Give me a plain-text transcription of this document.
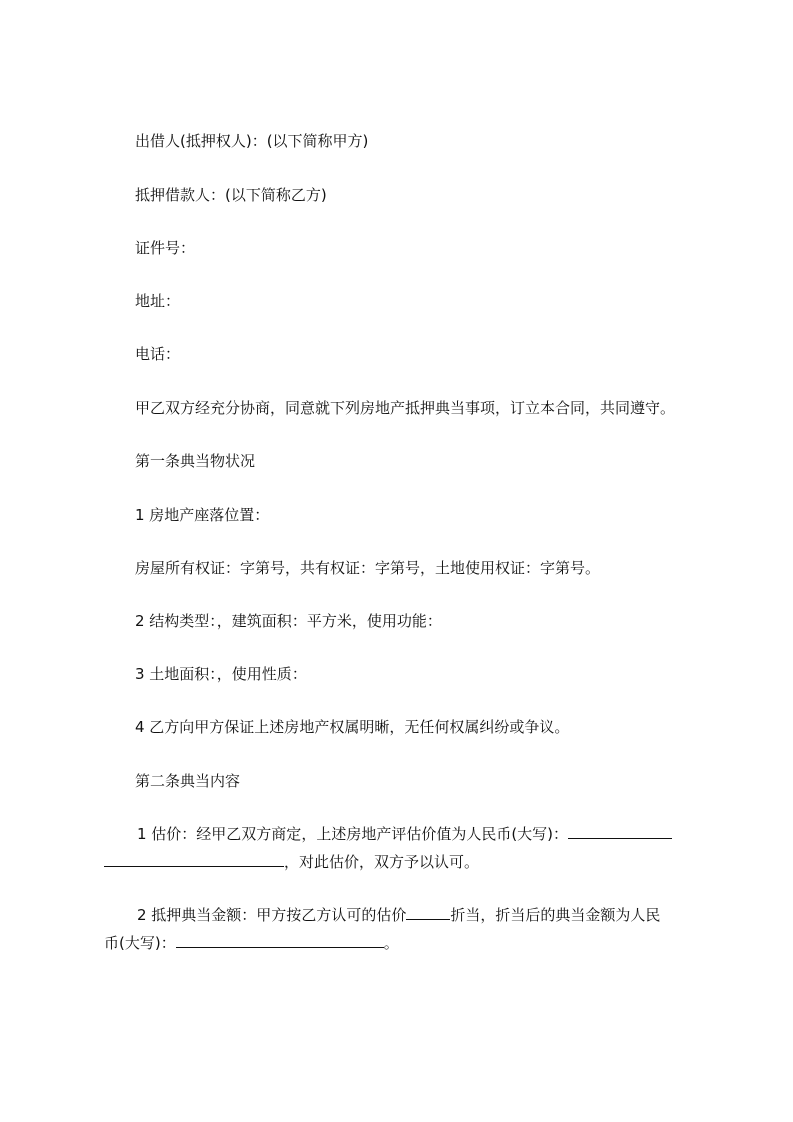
出借人(抵押权人)：(以下简称甲方)
抵押借款人：(以下简称乙方)
证件号：
地址：
电话：
甲乙双方经充分协商，同意就下列房地产抵押典当事项，订立本合同，共同遵守。
第一条典当物状况
1 房地产座落位置：
房屋所有权证：字第号，共有权证：字第号，土地使用权证：字第号。
2 结构类型：，建筑面积：平方米，使用功能：
3 土地面积：，使用性质：
4 乙方向甲方保证上述房地产权属明晰，无任何权属纠纷或争议。
第二条典当内容
1 估价：经甲乙双方商定，上述房地产评估价值为人民币(大写)：
，对此估价，双方予以认可。
2 抵押典当金额：甲方按乙方认可的估价	折当，折当后的典当金额为人民
币(大写)：	。
